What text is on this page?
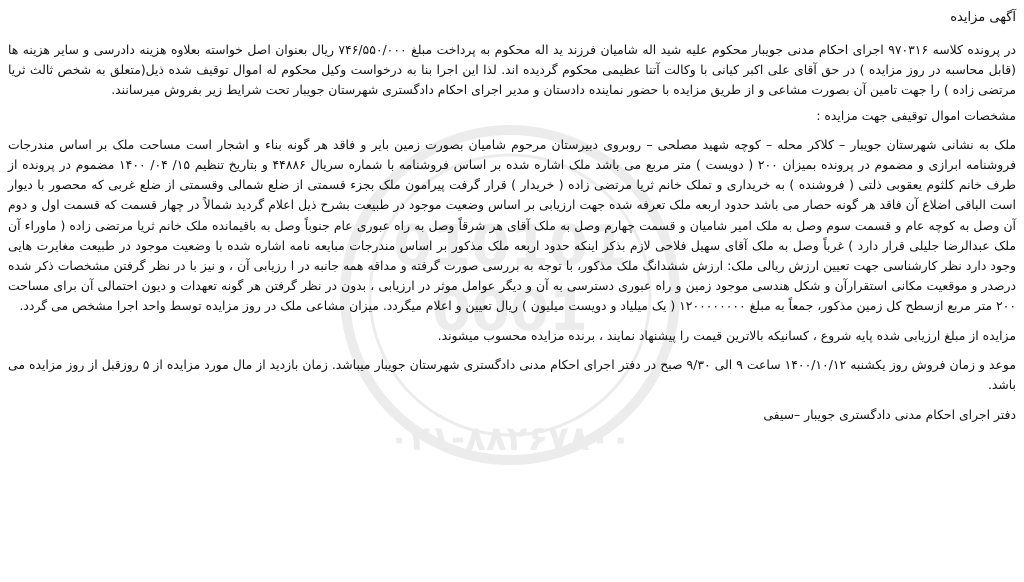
010101
0001
۰۲۱-۸۸۲۶۷۸۰۰
آگهی مزایده

در پرونده کلاسه ۹۷۰۳۱۶ اجرای احکام مدنی جویبار محکوم علیه شید اله شامیان فرزند ید اله محکوم به پرداخت مبلغ ۷۴۶/۵۵۰/۰۰۰ ریال بعنوان اصل خواسته بعلاوه هزینه دادرسی و سایر هزینه ها (قابل محاسبه در روز مزایده ) در حق آقای علی اکبر کیانی با وکالت آتنا عظیمی محکوم گردیده اند. لذا این اجرا بنا به درخواست وکیل محکوم له اموال توقیف شده ذیل(متعلق به شخص ثالث ثریا مرتضی زاده ) را جهت تامین آن بصورت مشاعی و از طریق مزایده با حضور نماینده دادستان و مدیر اجرای احکام دادگستری شهرستان جویبار تحت شرایط زیر بفروش میرسانند.

مشخصات اموال توقیفی جهت مزایده :

ملک به نشانی شهرستان جویبار – کلاکر محله – کوچه شهید مصلحی – روبروی دبیرستان مرحوم شامیان بصورت زمین بایر و فاقد هر گونه بناء و اشجار است مساحت ملک بر اساس مندرجات فروشنامه ابرازی و مضموم در پرونده بمیزان ۲۰۰ ( دویست ) متر مربع می باشد ملک اشاره شده بر اساس فروشنامه با شماره سریال ۴۴۸۸۶ و بتاریخ تنظیم ۱۵/ ۰۴/ ۱۴۰۰ مضموم در پرونده از طرف خانم کلثوم یعقوبی ذلتی ( فروشنده ) به خریداری و تملک خانم ثریا مرتضی زاده ( خریدار ) قرار گرفت پیرامون ملک بجزء قسمتی از ضلع شمالی وقسمتی از ضلع غربی که محصور با دیوار است الباقی اضلاع آن فاقد هر گونه حصار می باشد حدود اربعه ملک تعرفه شده جهت ارزیابی بر اساس وضعیت موجود در طبیعت بشرح ذیل اعلام گردید شمالاً در چهار قسمت که قسمت اول و دوم آن وصل به کوچه عام و قسمت سوم وصل به ملک امیر شامیان و قسمت چهارم وصل به ملک آقای هر شرقاً وصل به راه عبوری عام جنوباً وصل به باقیمانده ملک خانم ثریا مرتضی زاده ( ماوراء آن ملک عبدالرضا جلیلی قرار دارد ) غرباً وصل به ملک آقای سهیل فلاحی لازم بذکر اینکه حدود اربعه ملک مذکور بر اساس مندرجات مبایعه نامه اشاره شده با وضعیت موجود در طبیعت مغایرت هایی وجود دارد نظر کارشناسی جهت تعیین ارزش ریالی ملک: ارزش ششدانگ ملک مذکور، با توجه به بررسی صورت گرفته و مداقه همه جانبه در ا رزیابی آن ، و نیز با در نظر گرفتن مشخصات ذکر شده درصدر و موقعیت مکانی استقرارآن و شکل هندسی موجود زمین و راه عبوری دسترسی به آن و دیگر عوامل موثر در ارزیابی ، بدون در نظر گرفتن هر گونه تعهدات و دیون احتمالی آن برای مساحت ۲۰۰ متر مربع ازسطح کل زمین مذکور، جمعاً به مبلغ ۱۲۰۰۰۰۰۰۰۰ ( یک میلیاد و دویست میلیون ) ریال تعیین و اعلام میگردد. میزان مشاعی ملک در روز مزایده توسط واحد اجرا مشخص می گردد.

مزایده از مبلغ ارزیابی شده پایه شروع ، کسانیکه بالاترین قیمت را پیشنهاد نمایند ، برنده مزایده محسوب میشوند.

موعد و زمان فروش روز یکشنبه ۱۴۰۰/۱۰/۱۲ ساعت ۹ الی ۹/۳۰ صبح در دفتر اجرای احکام مدنی دادگستری شهرستان جویبار میباشد. زمان بازدید از مال مورد مزایده از ۵ روزقبل از روز مزایده می باشد.

دفتر اجرای احکام مدنی دادگستری جویبار –سیفی
